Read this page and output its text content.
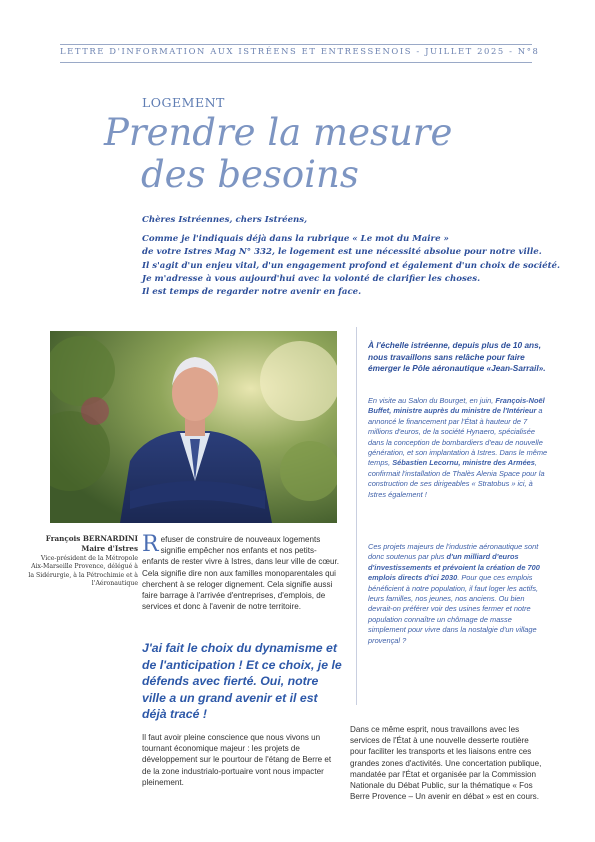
LETTRE D'INFORMATION AUX ISTRÉENS ET ENTRESSENOIS - JUILLET 2025 - N°8
LOGEMENT
Prendre la mesure
des besoins

Chères Istréennes, chers Istréens,

Comme je l'indiquais déjà dans la rubrique « Le mot du Maire »

de votre Istres Mag N° 332, le logement est une nécessité absolue pour notre ville.

Il s'agit d'un enjeu vital, d'un engagement profond et également d'un choix de société.

Je m'adresse à vous aujourd'hui avec la volonté de clarifier les choses.

Il est temps de regarder notre avenir en face.

François BERNARDINI
Maire d'Istres
Vice-président de la Métropole Aix-Marseille Provence, délégué à la Sidérurgie, à la Pétrochimie et à l'Aéronautique
Refuser de construire de nouveaux logements signifie empêcher nos enfants et nos petits-enfants de rester vivre à Istres, dans leur ville de cœur. Cela signifie dire non aux familles monoparentales qui cherchent à se reloger dignement. Cela signifie aussi faire barrage à l'arrivée d'entreprises, d'emplois, de services et donc à l'avenir de notre territoire.
J'ai fait le choix du dynamisme et de l'anticipation ! Et ce choix, je le défends avec fierté. Oui, notre ville a un grand avenir et il est déjà tracé !
Il faut avoir pleine conscience que nous vivons un tournant économique majeur : les projets de développement sur le pourtour de l'étang de Berre et de la zone industrialo-portuaire vont nous impacter pleinement.
À l'échelle istréenne, depuis plus de 10 ans, nous travaillons sans relâche pour faire émerger le Pôle aéronautique «Jean-Sarrail».
En visite au Salon du Bourget, en juin, François-Noël Buffet, ministre auprès du ministre de l'Intérieur a annoncé le financement par l'État à hauteur de 7 millions d'euros, de la société Hynaero, spécialisée dans la conception de bombardiers d'eau de nouvelle génération, et son implantation à Istres. Dans le même temps, Sébastien Lecornu, ministre des Armées, confirmait l'installation de Thalès Alenia Space pour la construction de ses dirigeables « Stratobus » ici, à Istres également !
Ces projets majeurs de l'industrie aéronautique sont donc soutenus par plus d'un milliard d'euros d'investissements et prévoient la création de 700 emplois directs d'ici 2030. Pour que ces emplois bénéficient à notre population, il faut loger les actifs, leurs familles, nos jeunes, nos anciens. Ou bien devrait-on préférer voir des usines fermer et notre population connaître un chômage de masse simplement pour vivre dans la nostalgie d'un village provençal ?
Dans ce même esprit, nous travaillons avec les services de l'État à une nouvelle desserte routière pour faciliter les transports et les liaisons entre ces grandes zones d'activités. Une concertation publique, mandatée par l'État et organisée par la Commission Nationale du Débat Public, sur la thématique « Fos Berre Provence – Un avenir en débat » est en cours.
